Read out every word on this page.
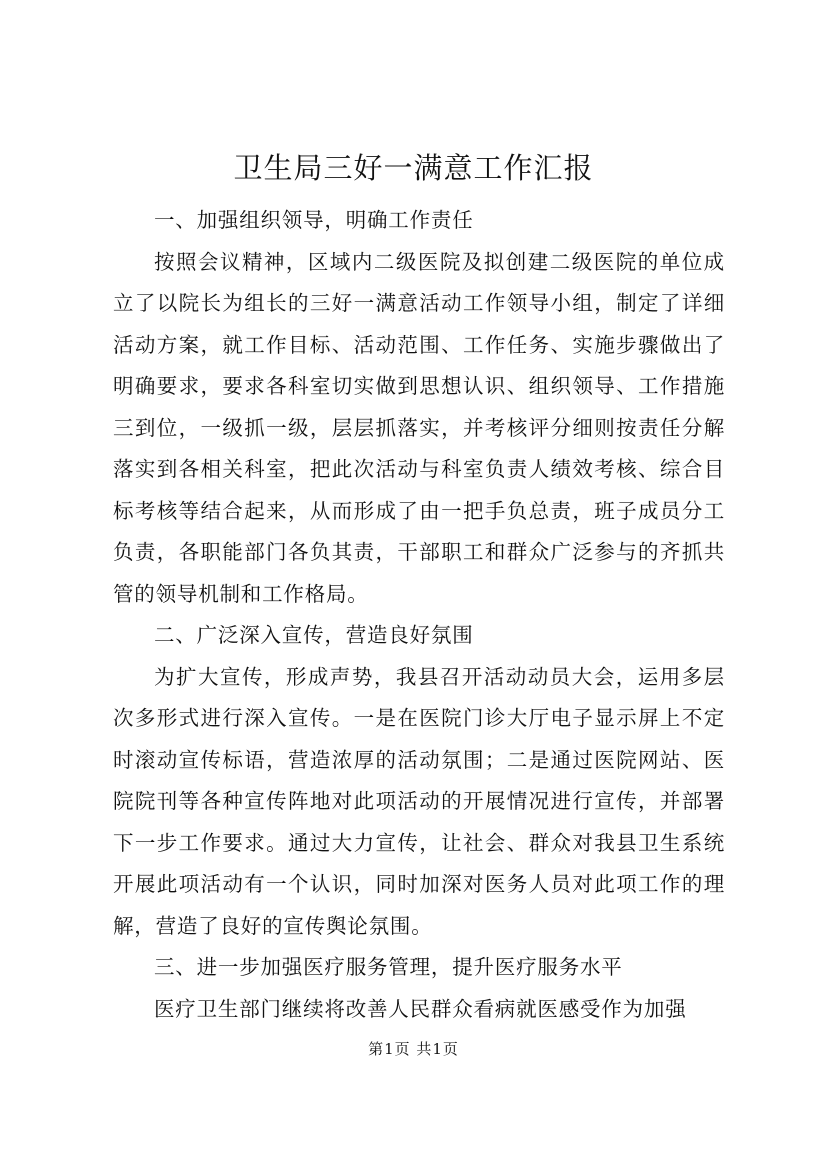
卫生局三好一满意工作汇报

一、加强组织领导，明确工作责任

按照会议精神，区域内二级医院及拟创建二级医院的单位成立了以院长为组长的三好一满意活动工作领导小组，制定了详细活动方案，就工作目标、活动范围、工作任务、实施步骤做出了明确要求，要求各科室切实做到思想认识、组织领导、工作措施三到位，一级抓一级，层层抓落实，并考核评分细则按责任分解落实到各相关科室，把此次活动与科室负责人绩效考核、综合目标考核等结合起来，从而形成了由一把手负总责，班子成员分工负责，各职能部门各负其责，干部职工和群众广泛参与的齐抓共管的领导机制和工作格局。

二、广泛深入宣传，营造良好氛围

为扩大宣传，形成声势，我县召开活动动员大会，运用多层次多形式进行深入宣传。一是在医院门诊大厅电子显示屏上不定时滚动宣传标语，营造浓厚的活动氛围；二是通过医院网站、医院院刊等各种宣传阵地对此项活动的开展情况进行宣传，并部署下一步工作要求。通过大力宣传，让社会、群众对我县卫生系统开展此项活动有一个认识，同时加深对医务人员对此项工作的理解，营造了良好的宣传舆论氛围。

三、进一步加强医疗服务管理，提升医疗服务水平

医疗卫生部门继续将改善人民群众看病就医感受作为加强

第1页 共1页
